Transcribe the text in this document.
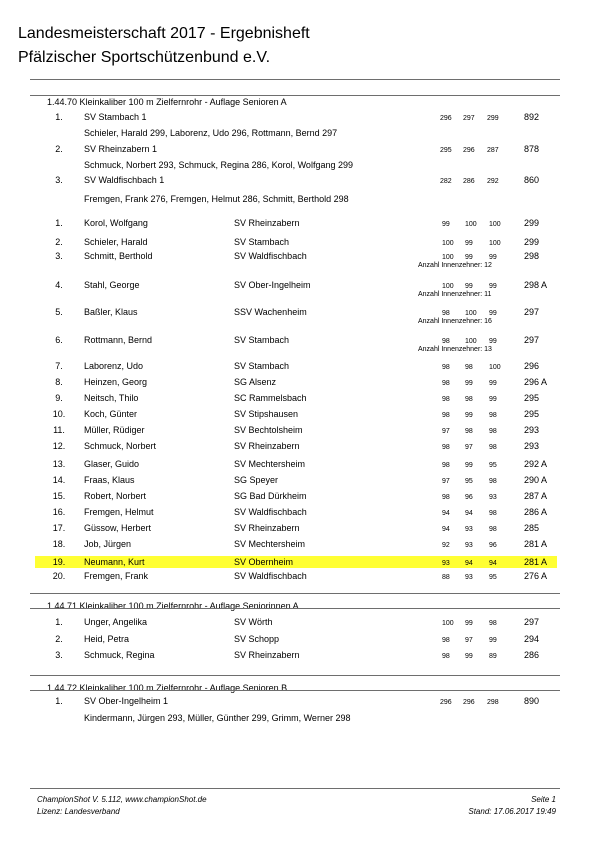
Landesmeisterschaft 2017 - Ergebnisheft
Pfälzischer Sportschützenbund e.V.
1.44.70 Kleinkaliber 100 m Zielfernrohr - Auflage Senioren A
1.	SV Stambach 1	296 297 299	892
Schieler, Harald 299, Laborenz, Udo 296, Rottmann, Bernd 297
2.	SV Rheinzabern 1	295 296 287	878
Schmuck, Norbert 293, Schmuck, Regina 286, Korol, Wolfgang 299
3.	SV Waldfischbach 1	282 286 292	860
Fremgen, Frank 276, Fremgen, Helmut 286, Schmitt, Berthold 298
1.	Korol, Wolfgang	SV Rheinzabern	99 100 100	299
2.	Schieler, Harald	SV Stambach	100 99 100	299
3.	Schmitt, Berthold	SV Waldfischbach	100 99 99	298
Anzahl Innenzehner: 12
4.	Stahl, George	SV Ober-Ingelheim	100 99 99	298 A
Anzahl Innenzehner: 11
5.	Baßler, Klaus	SSV Wachenheim	98 100 99	297
Anzahl Innenzehner: 16
6.	Rottmann, Bernd	SV Stambach	98 100 99	297
Anzahl Innenzehner: 13
7.	Laborenz, Udo	SV Stambach	98 98 100	296
8.	Heinzen, Georg	SG Alsenz	98 99 99	296 A
9.	Neitsch, Thilo	SC Rammelsbach	98 98 99	295
10.	Koch, Günter	SV Stipshausen	98 99 98	295
11.	Müller, Rüdiger	SV Bechtolsheim	97 98 98	293
12.	Schmuck, Norbert	SV Rheinzabern	98 97 98	293
13.	Glaser, Guido	SV Mechtersheim	98 99 95	292 A
14.	Fraas, Klaus	SG Speyer	97 95 98	290 A
15.	Robert, Norbert	SG Bad Dürkheim	98 96 93	287 A
16.	Fremgen, Helmut	SV Waldfischbach	94 94 98	286 A
17.	Güssow, Herbert	SV Rheinzabern	94 93 98	285
18.	Job, Jürgen	SV Mechtersheim	92 93 96	281 A
19.	Neumann, Kurt	SV Obernheim	93 94 94	281 A
20.	Fremgen, Frank	SV Waldfischbach	88 93 95	276 A
1.44.71 Kleinkaliber 100 m Zielfernrohr - Auflage Seniorinnen A
1.	Unger, Angelika	SV Wörth	100 99 98	297
2.	Heid, Petra	SV Schopp	98 97 99	294
3.	Schmuck, Regina	SV Rheinzabern	98 99 89	286
1.44.72 Kleinkaliber 100 m Zielfernrohr - Auflage Senioren B
1.	SV Ober-Ingelheim 1	296 296 298	890
Kindermann, Jürgen 293, Müller, Günther 299, Grimm, Werner 298
ChampionShot V. 5.112, www.championShot.de
Lizenz: Landesverband
Seite 1
Stand: 17.06.2017 19:49
